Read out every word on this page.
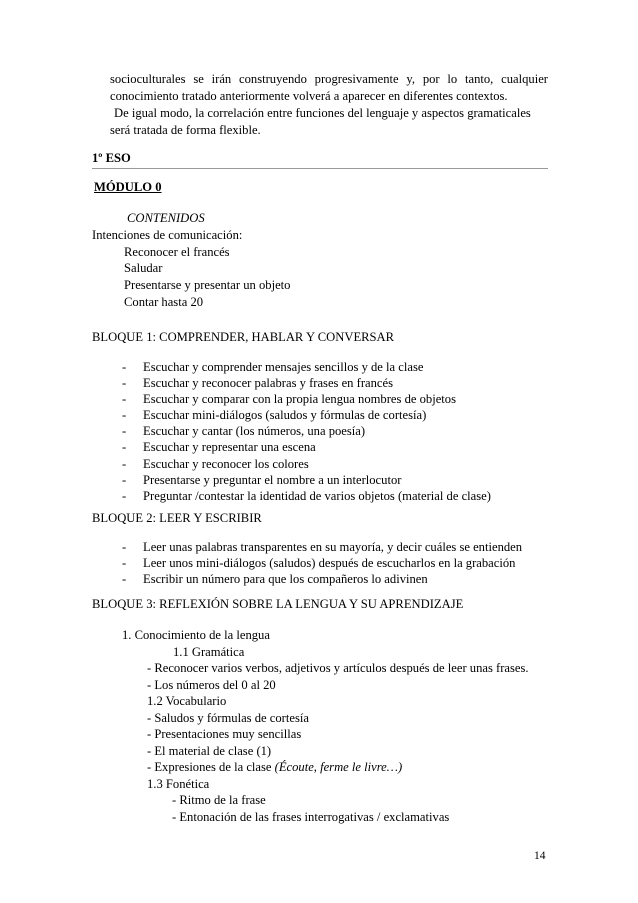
socioculturales se irán construyendo progresivamente y, por lo tanto, cualquier

conocimiento tratado anteriormente volverá a aparecer en diferentes contextos.

De igual modo, la correlación entre funciones del lenguaje y aspectos gramaticales

será tratada de forma flexible.

1º ESO
MÓDULO 0
CONTENIDOS
Intenciones de comunicación:
Reconocer el francés
Saludar
Presentarse y presentar un objeto
Contar hasta 20
BLOQUE 1: COMPRENDER, HABLAR Y CONVERSAR
- Escuchar y comprender mensajes sencillos y de la clase
- Escuchar y reconocer palabras y frases en francés
- Escuchar y comparar con la propia lengua nombres de objetos
- Escuchar mini-diálogos (saludos y fórmulas de cortesía)
- Escuchar y cantar (los números, una poesía)
- Escuchar y representar una escena
- Escuchar y reconocer los colores
- Presentarse y preguntar el nombre a un interlocutor
- Preguntar /contestar la identidad de varios objetos (material de clase)
BLOQUE 2: LEER Y ESCRIBIR
- Leer unas palabras transparentes en su mayoría, y decir cuáles se entienden
- Leer unos mini-diálogos (saludos) después de escucharlos en la grabación
- Escribir un número para que los compañeros lo adivinen
BLOQUE 3: REFLEXIÓN SOBRE LA LENGUA Y SU APRENDIZAJE
1. Conocimiento de la lengua
1.1 Gramática
- Reconocer varios verbos, adjetivos y artículos después de leer unas frases.
- Los números del 0 al 20
1.2 Vocabulario
- Saludos y fórmulas de cortesía
- Presentaciones muy sencillas
- El material de clase (1)
- Expresiones de la clase (Écoute, ferme le livre…)
1.3 Fonética
- Ritmo de la frase
- Entonación de las frases interrogativas / exclamativas
14
